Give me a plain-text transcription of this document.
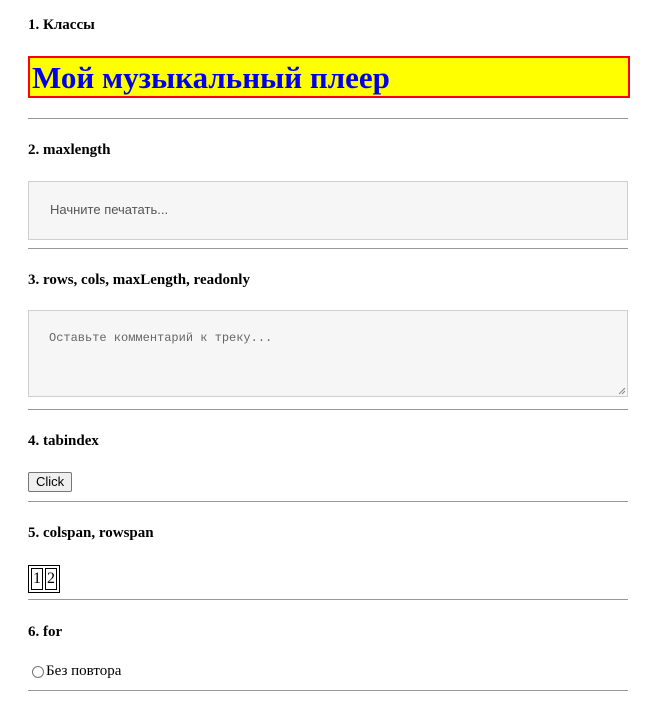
1. Классы
Мой музыкальный плеер
2. maxlength
Начните печатать...
3. rows, cols, maxLength, readonly
Оставьте комментарий к треку...
4. tabindex
Click
5. colspan, rowspan
1	2
6. for
Без повтора
